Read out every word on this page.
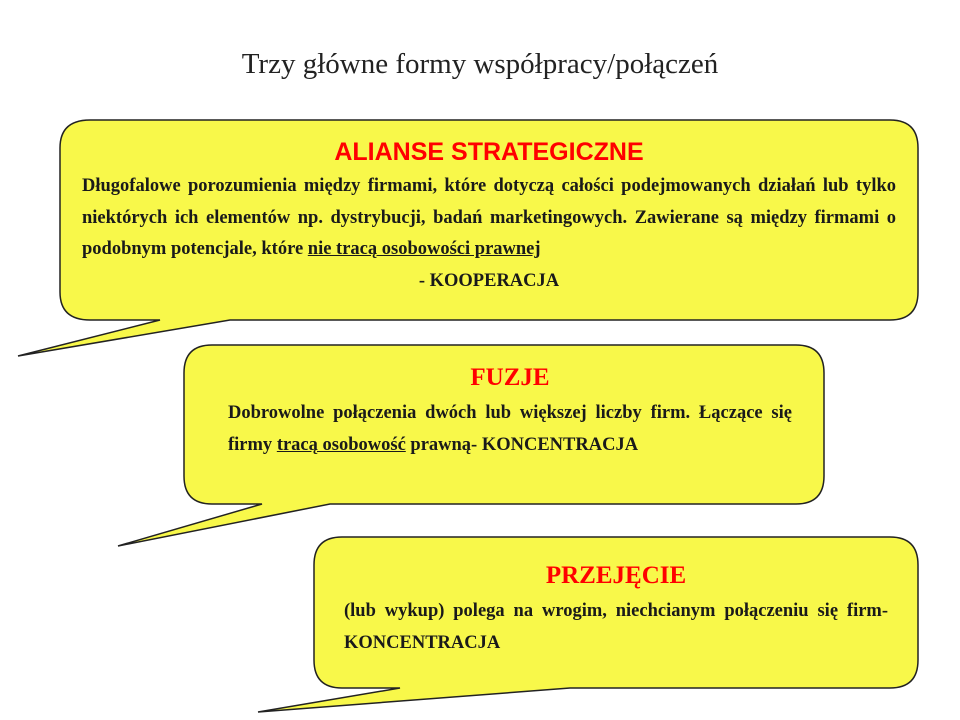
Trzy główne formy współpracy/połączeń
ALIANSE STRATEGICZNE

Długofalowe porozumienia między firmami, które dotyczą całości podejmowanych działań lub tylko niektórych ich elementów np. dystrybucji, badań marketingowych. Zawierane są między firmami o podobnym potencjale, które nie tracą osobowości prawnej

- KOOPERACJA
FUZJE

Dobrowolne połączenia dwóch lub większej liczby firm. Łączące się firmy tracą osobowość prawną- KONCENTRACJA

PRZEJĘCIE

(lub wykup) polega na wrogim, niechcianym połączeniu się firm- KONCENTRACJA
